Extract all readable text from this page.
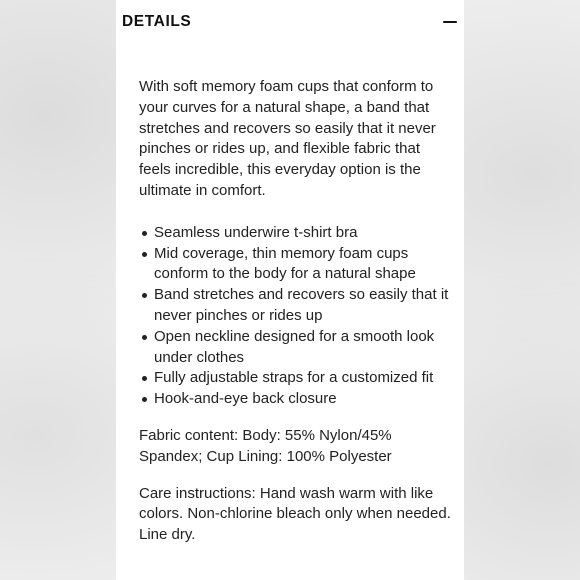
DETAILS

With soft memory foam cups that conform to your curves for a natural shape, a band that stretches and recovers so easily that it never pinches or rides up, and flexible fabric that feels incredible, this everyday option is the ultimate in comfort.

Seamless underwire t-shirt bra
Mid coverage, thin memory foam cups conform to the body for a natural shape
Band stretches and recovers so easily that it never pinches or rides up
Open neckline designed for a smooth look under clothes
Fully adjustable straps for a customized fit
Hook-and-eye back closure

Fabric content: Body: 55% Nylon/45% Spandex; Cup Lining: 100% Polyester

Care instructions: Hand wash warm with like colors. Non-chlorine bleach only when needed. Line dry.
